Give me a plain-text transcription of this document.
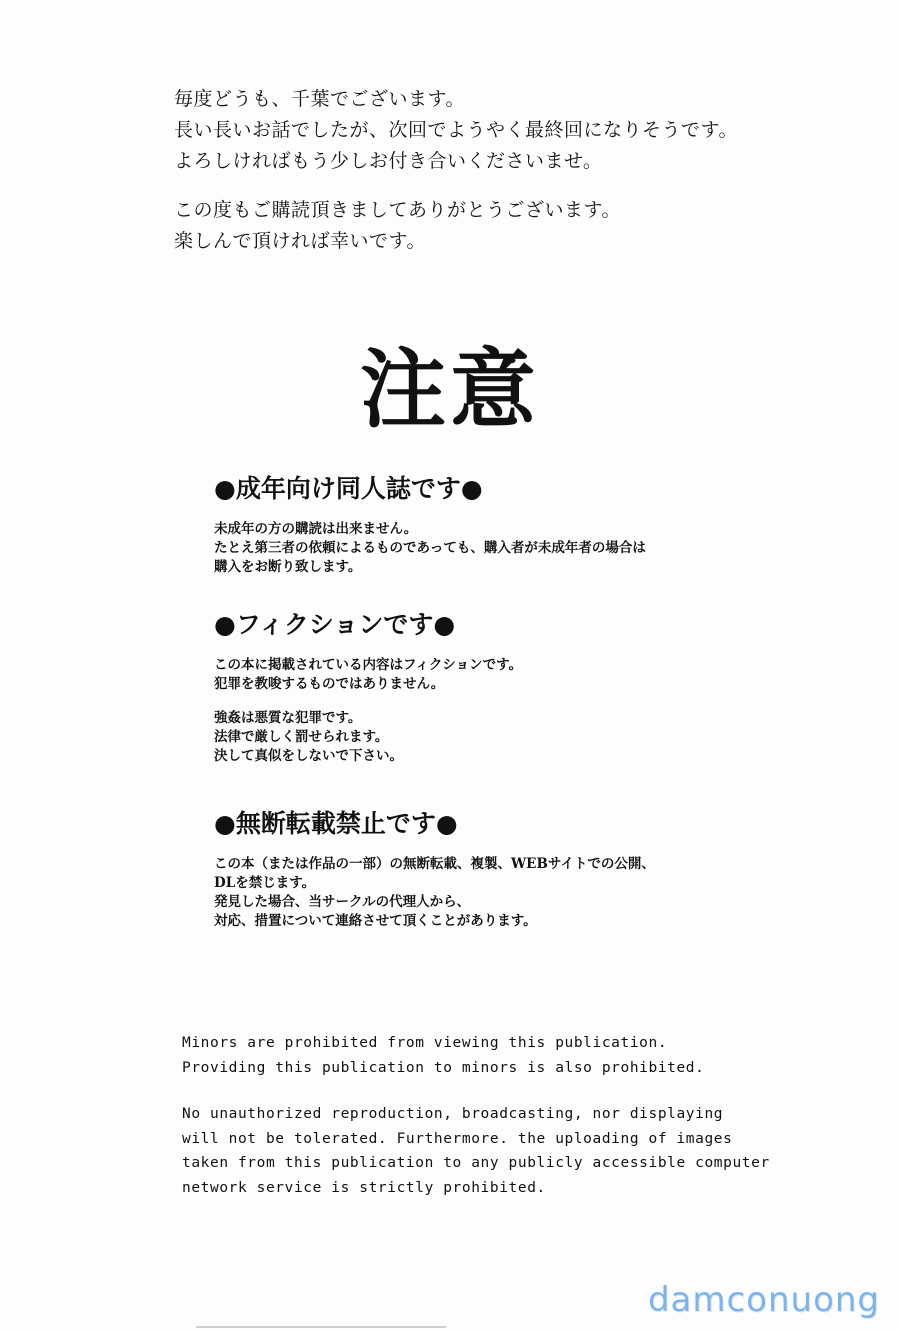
毎度どうも、千葉でございます。

長い長いお話でしたが、次回でようやく最終回になりそうです。

よろしければもう少しお付き合いくださいませ。

この度もご購読頂きましてありがとうございます。

楽しんで頂ければ幸いです。

注意
●成年向け同人誌です●

未成年の方の購読は出来ません。

たとえ第三者の依頼によるものであっても、購入者が未成年者の場合は

購入をお断り致します。

●フィクションです●

この本に掲載されている内容はフィクションです。

犯罪を教唆するものではありません。

強姦は悪質な犯罪です。

法律で厳しく罰せられます。

決して真似をしないで下さい。

●無断転載禁止です●

この本（または作品の一部）の無断転載、複製、WEBサイトでの公開、

DLを禁じます。

発見した場合、当サークルの代理人から、

対応、措置について連絡させて頂くことがあります。

Minors are prohibited from viewing this publication.

Providing this publication to minors is also prohibited.

No unauthorized reproduction, broadcasting, nor displaying

will not be tolerated. Furthermore. the uploading of images

taken from this publication to any publicly accessible computer

network service is strictly prohibited.

damconuong
